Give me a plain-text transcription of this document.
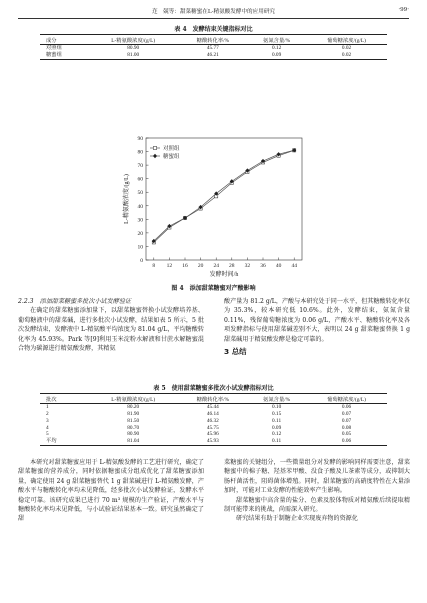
迮　兢等：甜菜糖蜜在L-精氨酸发酵中的应用研究	·99·
表 4　发酵结束关键指标对比
成分	L-精氨酸浓度/(g/L)	糖酸转化率/%	氨氮含量/%	葡萄糖浓度/(g/L)
对照组	80.90	45.77	0.12	0.02
糖蜜组	81.00	46.21	0.09	0.02
0
10
20
30
40
50
60
70
80
90
8 12 16 20 24 28 32 36 40 44
发酵时间/h
L-精氨酸浓度/(g/L)
对照组
糖蜜组
图 4　添加甜菜糖蜜对产酸影响

2.2.3　添加甜菜糖蜜多批次小试发酵验证

在确定的甜菜糖蜜添加量下，以甜菜糖蜜替换小试发酵培养基、葡萄糖液中的甜菜碱，进行多批次小试发酵，结果如表 5 所示，5 批次发酵结束，发酵液中 L-精氨酸平均浓度为 81.04 g/L，平均糖酸转化率为 45.93%。Park 等[9]利用玉米淀粉水解液和甘蔗水解糖蜜混合物为碳源进行精氨酸发酵，其精氨

酸产量为 81.2 g/L，产酸与本研究处于同一水平，但其糖酸转化率仅为 35.3%，较本研究低 10.6%。此外，发酵结束，氨氮含量 0.11%，残留葡萄糖浓度为 0.06 g/L，产酸水平、糖酸转化率及各项发酵指标与使用甜菜碱差别不大，表明以 24 g 甜菜糖蜜替换 1 g 甜菜碱用于精氨酸发酵是稳定可靠的。

3 总结

表 5　使用甜菜糖蜜多批次小试发酵指标对比
批次	L-精氨酸浓度/(g/L)	糖酸转化率/%	氨氮含量/%	葡萄糖浓度/(g/L)
1	80.20	45.44	0.10	0.06
2	81.90	46.14	0.15	0.07
3	81.50	46.32	0.11	0.07
4	80.70	45.75	0.09	0.08
5	80.90	45.96	0.12	0.05
平均	81.04	45.93	0.11	0.06

本研究对甜菜糖蜜应用于 L-精氨酸发酵的工艺进行研究，确定了甜菜糖蜜的营养成分，同时依据糖蜜成分组成优化了甜菜糖蜜添加量，确定使用 24 g 甜菜糖蜜替代 1 g 甜菜碱进行 L-精氨酸发酵，产酸水平与糖酸转化率均未见降低，经多批次小试发酵验证，发酵水平稳定可靠。该研究成果已进行 70 m³ 规模的生产验证，产酸水平与糖酸转化率均未见降低，与小试验证结果基本一致。研究虽然确定了甜

菜糖蜜的关键组分，一些微量组分对发酵的影响同样需要注意，甜菜糖蜜中的棉子糖、羟基苯甲酸、没食子酸及儿茶素等成分，或抑制大肠杆菌活性，阻碍菌体增殖。同时，甜菜糖蜜的高硝度特性在大量添加时，可能对工业发酵的性能效率产生影响。

甜菜糖蜜中高含量的盐分、色素及胶体物质对精氨酸后续提取精制可能带来的挑战，尚需深入研究。

研究结果有助于制糖企业实现废弃物的资源化
